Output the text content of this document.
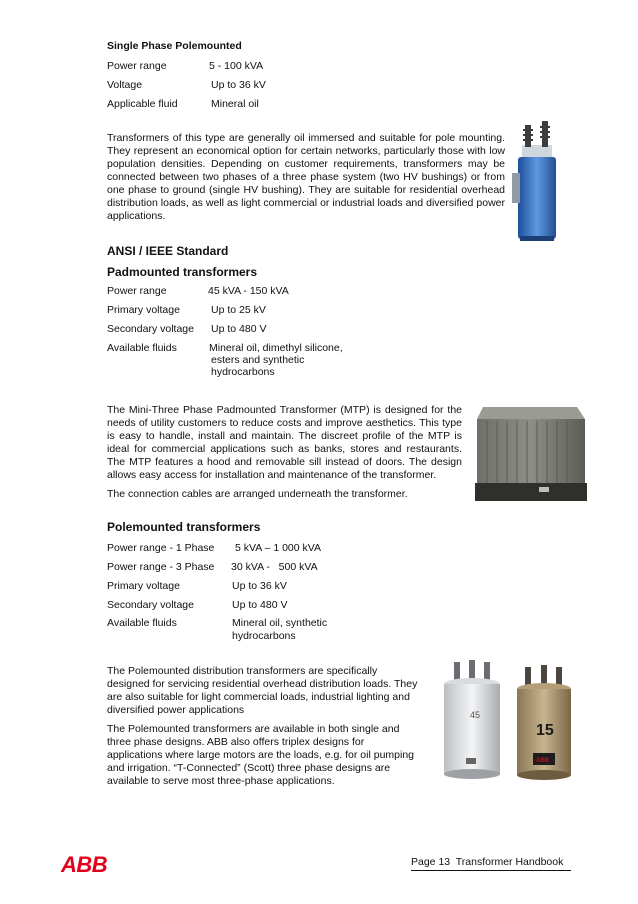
Single Phase Polemounted
Power range	5 - 100 kVA
Voltage	Up to 36 kV
Applicable fluid	Mineral oil
Transformers of this type are generally oil immersed and suitable for pole mounting. They represent an economical option for certain networks, particularly those with low population densities. Depending on customer requirements, transformers may be connected between two phases of a three phase system (two HV bushings) or from one phase to ground (single HV bushing). They are suitable for residential overhead distribution loads, as well as light commercial or industrial loads and diversified power applications.
ANSI / IEEE Standard
Padmounted transformers
Power range	45 kVA - 150 kVA
Primary voltage	Up to 25 kV
Secondary voltage Up to 480 V
Available fluids	Mineral oil, dimethyl silicone,
esters and synthetic
hydrocarbons
The Mini-Three Phase Padmounted Transformer (MTP) is designed for the needs of utility customers to reduce costs and improve aesthetics. This type is easy to handle, install and maintain. The discreet profile of the MTP is ideal for commercial applications such as banks, stores and restaurants. The MTP features a hood and removable sill instead of doors. The design allows easy access for installation and maintenance of the transformer.
The connection cables are arranged underneath the transformer.
Polemounted transformers
Power range - 1 Phase 5 kVA – 1 000 kVA
Power range - 3 Phase 30 kVA -   500 kVA
Primary voltage	Up to 36 kV
Secondary voltage	Up to 480 V
Available fluids	Mineral oil, synthetic
hydrocarbons
The Polemounted distribution transformers are specifically
designed for servicing residential overhead distribution loads. They
are also suitable for light commercial loads, industrial lighting and
diversified power applications
The Polemounted transformers are available in both single and
three phase designs. ABB also offers triplex designs for
applications where large motors are the loads, e.g. for oil pumping
and irrigation. “T-Connected” (Scott) three phase designs are
available to serve most three-phase applications.
45
15
ABB
ABB	Page 13  Transformer Handbook
